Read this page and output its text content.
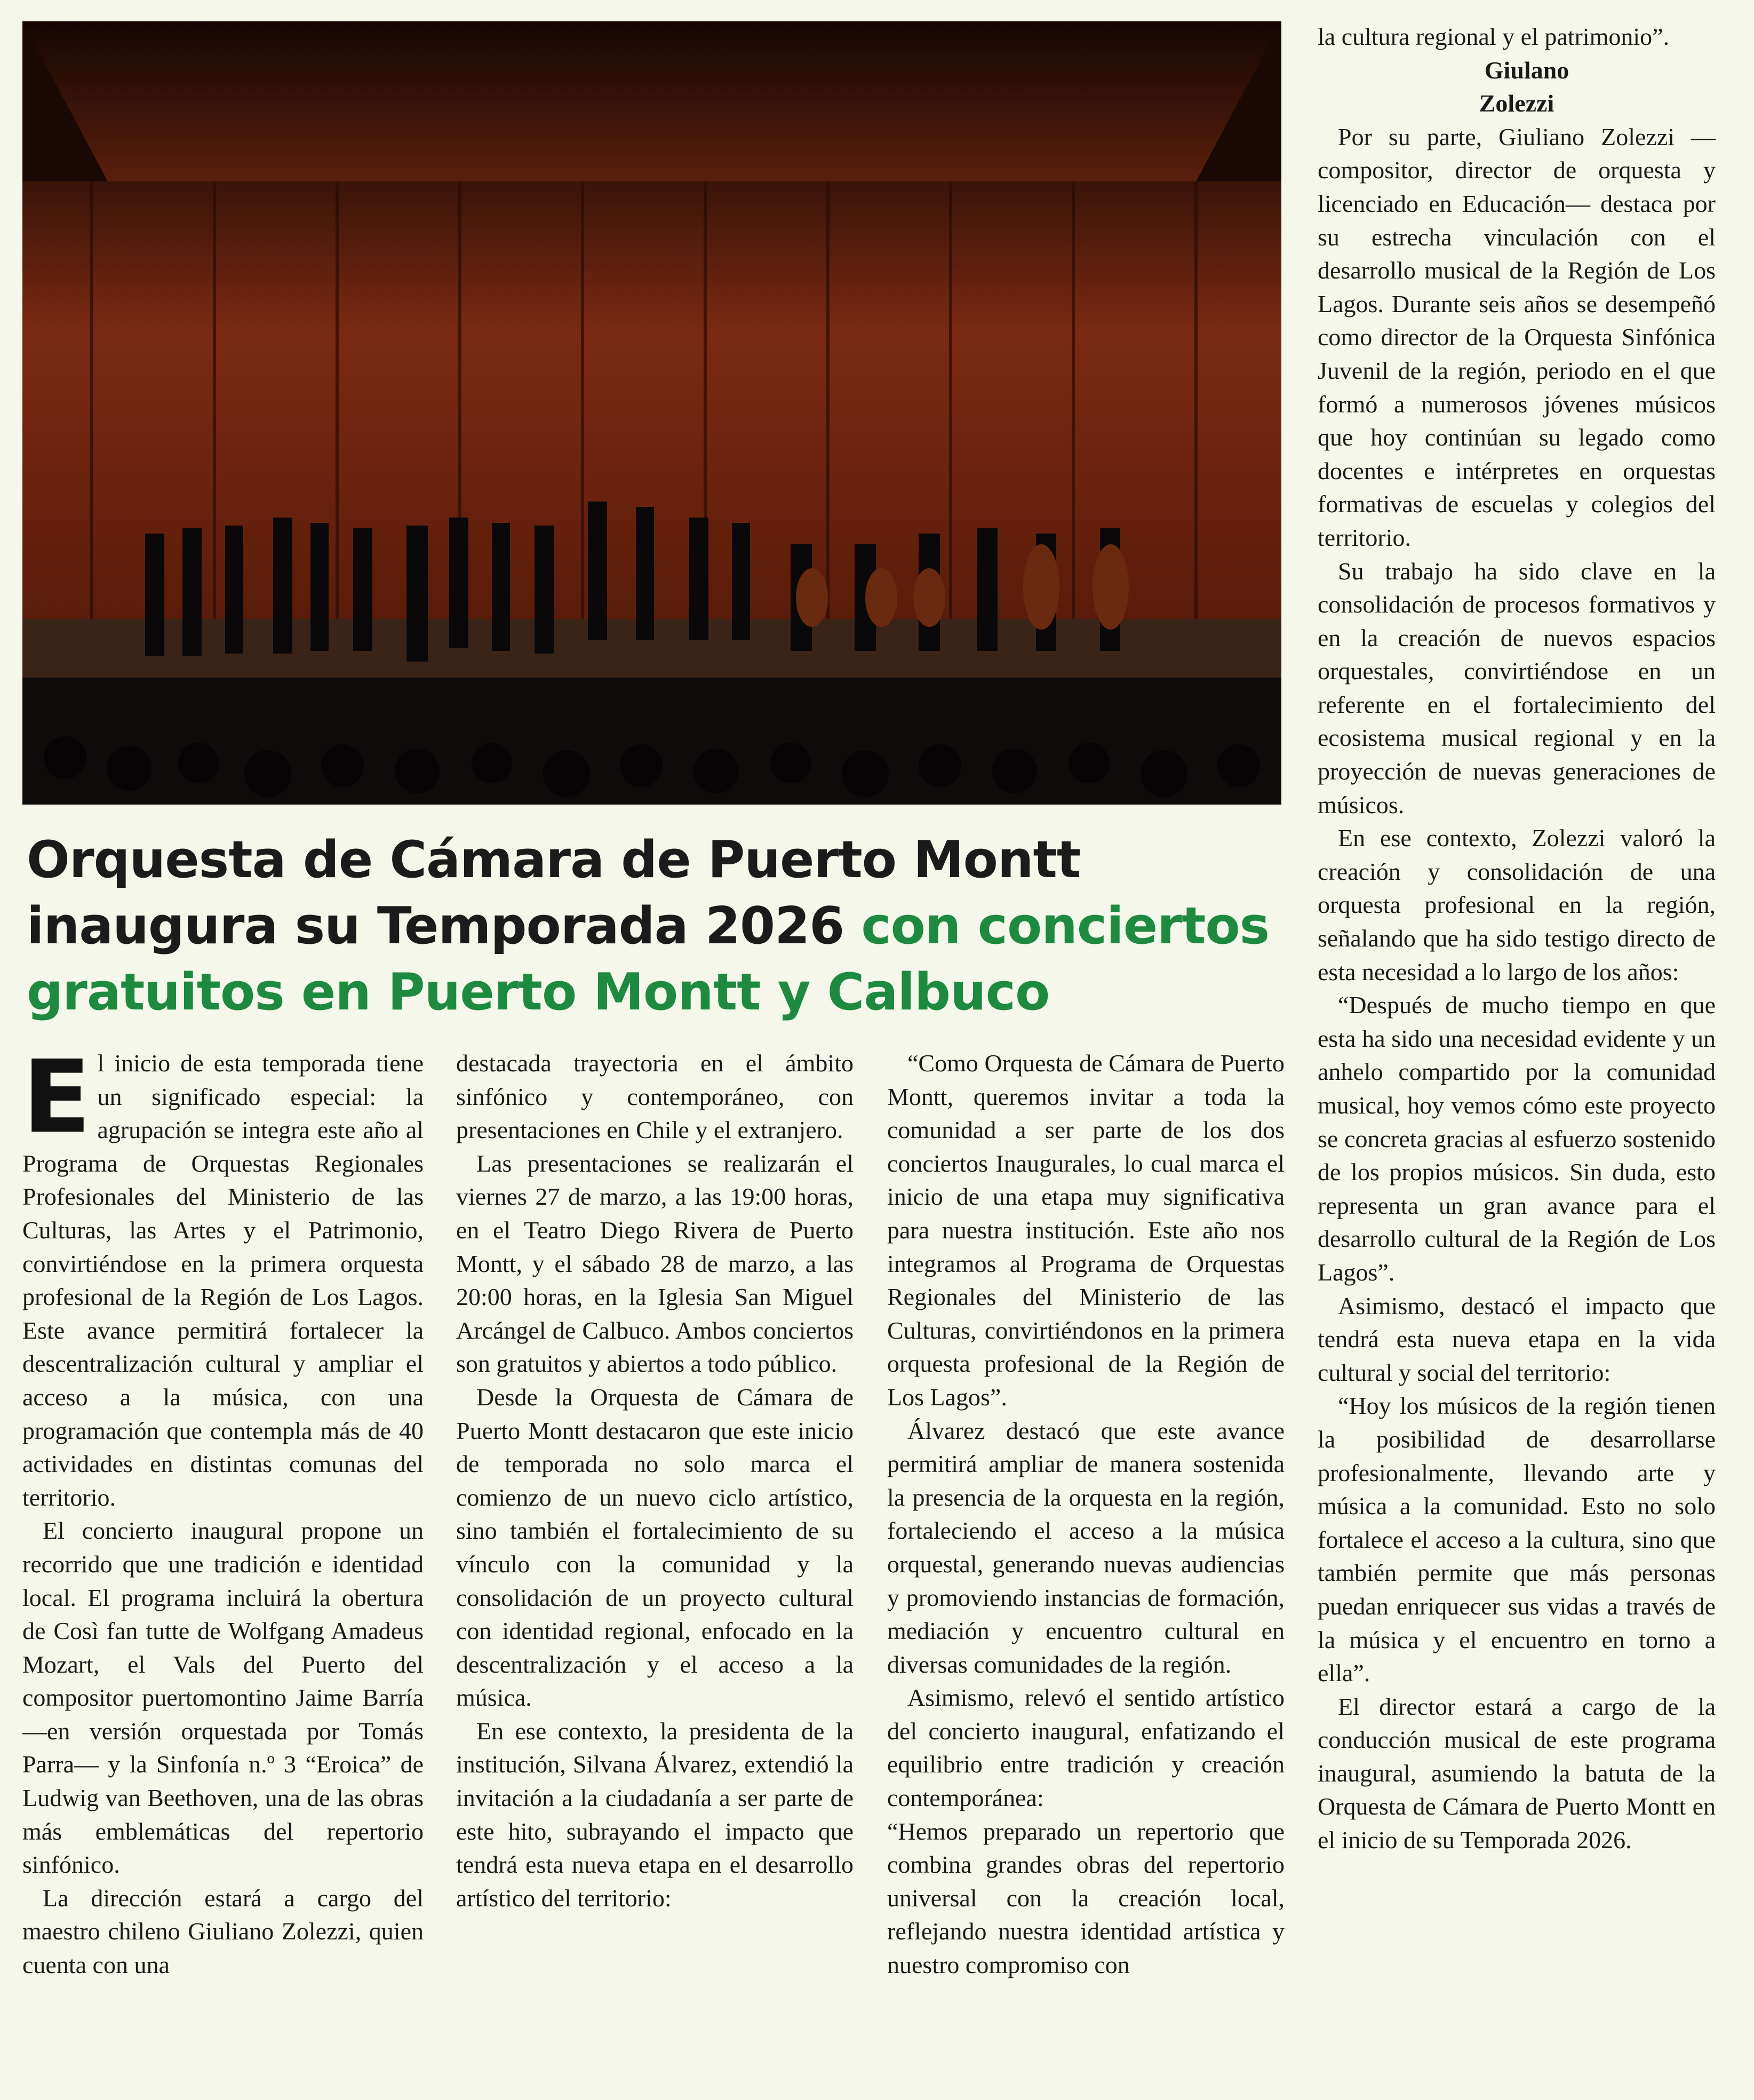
Orquesta de Cámara de Puerto Montt inaugura su Temporada 2026 con conciertos gratuitos en Puerto Montt y Calbuco
E l inicio de esta temporada tiene un significado especial: la agrupación se integra este año al Programa de Orquestas Regionales Profesionales del Ministerio de las Culturas, las Artes y el Patrimonio, convirtiéndose en la primera orquesta profesional de la Región de Los Lagos. Este avance permitirá fortalecer la descentralización cultural y ampliar el acceso a la música, con una programación que contempla más de 40 actividades en distintas comunas del territorio.

El concierto inaugural propone un recorrido que une tradición e identidad local. El programa incluirá la obertura de Così fan tutte de Wolfgang Amadeus Mozart, el Vals del Puerto del compositor puertomontino Jaime Barría —en versión orquestada por Tomás Parra— y la Sinfonía n.º 3 “Eroica” de Ludwig van Beethoven, una de las obras más emblemáticas del repertorio sinfónico.

La dirección estará a cargo del maestro chileno Giuliano Zolezzi, quien cuenta con una

destacada trayectoria en el ámbito sinfónico y contemporáneo, con presentaciones en Chile y el extranjero.

Las presentaciones se realizarán el viernes 27 de marzo, a las 19:00 horas, en el Teatro Diego Rivera de Puerto Montt, y el sábado 28 de marzo, a las 20:00 horas, en la Iglesia San Miguel Arcángel de Calbuco. Ambos conciertos son gratuitos y abiertos a todo público.

Desde la Orquesta de Cámara de Puerto Montt destacaron que este inicio de temporada no solo marca el comienzo de un nuevo ciclo artístico, sino también el fortalecimiento de su vínculo con la comunidad y la consolidación de un proyecto cultural con identidad regional, enfocado en la descentralización y el acceso a la música.

En ese contexto, la presidenta de la institución, Silvana Álvarez, extendió la invitación a la ciudadanía a ser parte de este hito, subrayando el impacto que tendrá esta nueva etapa en el desarrollo artístico del territorio:

“Como Orquesta de Cámara de Puerto Montt, queremos invitar a toda la comunidad a ser parte de los dos conciertos Inaugurales, lo cual marca el inicio de una etapa muy significativa para nuestra institución. Este año nos integramos al Programa de Orquestas Regionales del Ministerio de las Culturas, convirtiéndonos en la primera orquesta profesional de la Región de Los Lagos”.

Álvarez destacó que este avance permitirá ampliar de manera sostenida la presencia de la orquesta en la región, fortaleciendo el acceso a la música orquestal, generando nuevas audiencias y promoviendo instancias de formación, mediación y encuentro cultural en diversas comunidades de la región.

Asimismo, relevó el sentido artístico del concierto inaugural, enfatizando el equilibrio entre tradición y creación contemporánea:

“Hemos preparado un repertorio que combina grandes obras del repertorio universal con la creación local, reflejando nuestra identidad artística y nuestro compromiso con

la cultura regional y el patrimonio”.

Giulano
Zolezzi

Por su parte, Giuliano Zolezzi —compositor, director de orquesta y licenciado en Educación— destaca por su estrecha vinculación con el desarrollo musical de la Región de Los Lagos. Durante seis años se desempeñó como director de la Orquesta Sinfónica Juvenil de la región, periodo en el que formó a numerosos jóvenes músicos que hoy continúan su legado como docentes e intérpretes en orquestas formativas de escuelas y colegios del territorio.

Su trabajo ha sido clave en la consolidación de procesos formativos y en la creación de nuevos espacios orquestales, convirtiéndose en un referente en el fortalecimiento del ecosistema musical regional y en la proyección de nuevas generaciones de músicos.

En ese contexto, Zolezzi valoró la creación y consolidación de una orquesta profesional en la región, señalando que ha sido testigo directo de esta necesidad a lo largo de los años:

“Después de mucho tiempo en que esta ha sido una necesidad evidente y un anhelo compartido por la comunidad musical, hoy vemos cómo este proyecto se concreta gracias al esfuerzo sostenido de los propios músicos. Sin duda, esto representa un gran avance para el desarrollo cultural de la Región de Los Lagos”.

Asimismo, destacó el impacto que tendrá esta nueva etapa en la vida cultural y social del territorio:

“Hoy los músicos de la región tienen la posibilidad de desarrollarse profesionalmente, llevando arte y música a la comunidad. Esto no solo fortalece el acceso a la cultura, sino que también permite que más personas puedan enriquecer sus vidas a través de la música y el encuentro en torno a ella”.

El director estará a cargo de la conducción musical de este programa inaugural, asumiendo la batuta de la Orquesta de Cámara de Puerto Montt en el inicio de su Temporada 2026.
